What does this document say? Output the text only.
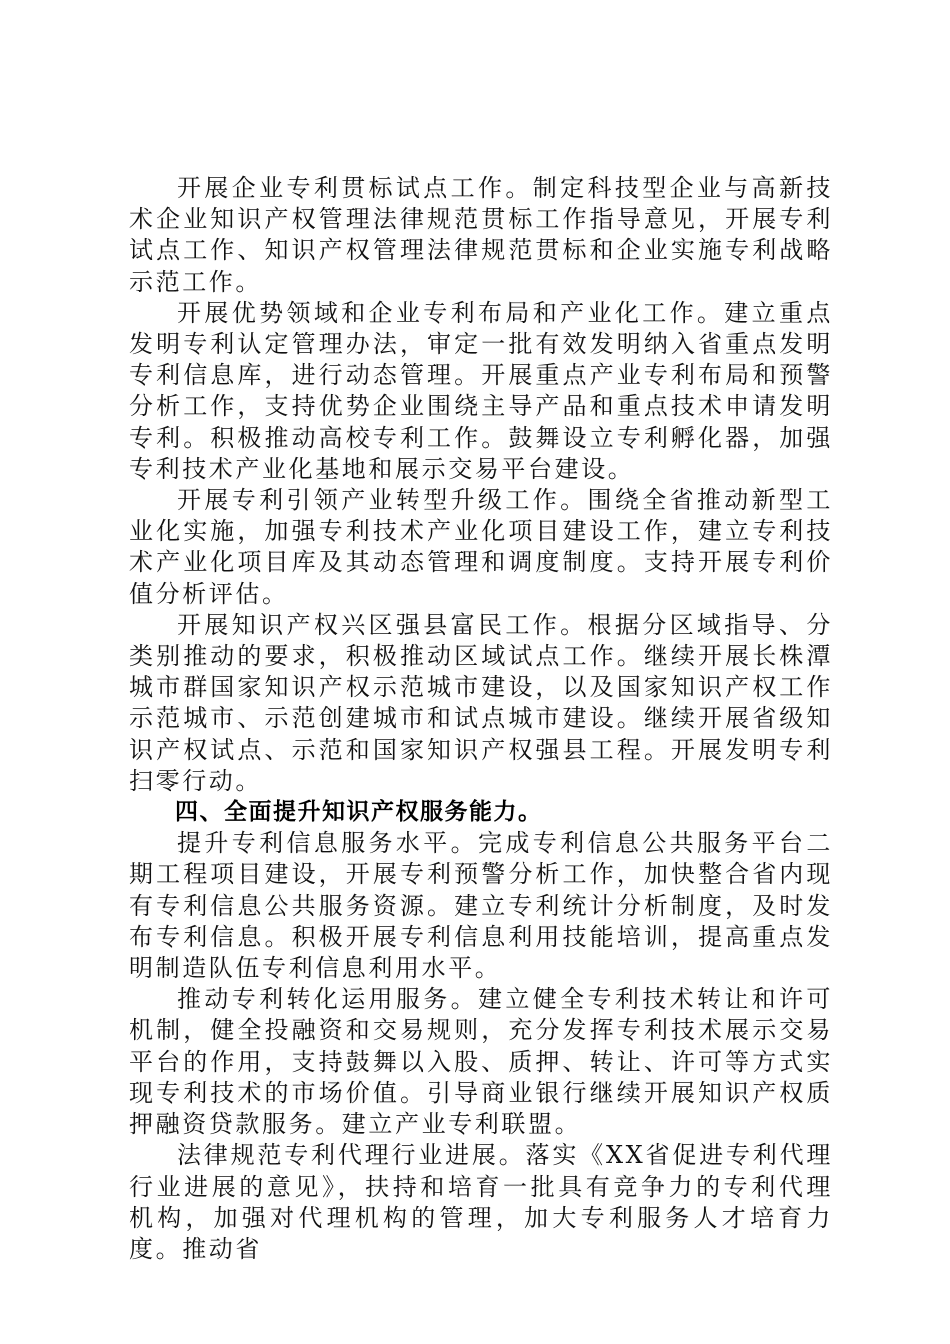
开展企业专利贯标试点工作。制定科技型企业与高新技术企业知识产权管理法律规范贯标工作指导意见，开展专利试点工作、知识产权管理法律规范贯标和企业实施专利战略示范工作。

开展优势领域和企业专利布局和产业化工作。建立重点发明专利认定管理办法，审定一批有效发明纳入省重点发明专利信息库，进行动态管理。开展重点产业专利布局和预警分析工作，支持优势企业围绕主导产品和重点技术申请发明专利。积极推动高校专利工作。鼓舞设立专利孵化器，加强专利技术产业化基地和展示交易平台建设。

开展专利引领产业转型升级工作。围绕全省推动新型工业化实施，加强专利技术产业化项目建设工作，建立专利技术产业化项目库及其动态管理和调度制度。支持开展专利价值分析评估。

开展知识产权兴区强县富民工作。根据分区域指导、分类别推动的要求，积极推动区域试点工作。继续开展长株潭城市群国家知识产权示范城市建设，以及国家知识产权工作示范城市、示范创建城市和试点城市建设。继续开展省级知识产权试点、示范和国家知识产权强县工程。开展发明专利扫零行动。

四、全面提升知识产权服务能力。

提升专利信息服务水平。完成专利信息公共服务平台二期工程项目建设，开展专利预警分析工作，加快整合省内现有专利信息公共服务资源。建立专利统计分析制度，及时发布专利信息。积极开展专利信息利用技能培训，提高重点发明制造队伍专利信息利用水平。

推动专利转化运用服务。建立健全专利技术转让和许可机制，健全投融资和交易规则，充分发挥专利技术展示交易平台的作用，支持鼓舞以入股、质押、转让、许可等方式实现专利技术的市场价值。引导商业银行继续开展知识产权质押融资贷款服务。建立产业专利联盟。

法律规范专利代理行业进展。落实《XX省促进专利代理行业进展的意见》，扶持和培育一批具有竞争力的专利代理机构，加强对代理机构的管理，加大专利服务人才培育力度。推动省
